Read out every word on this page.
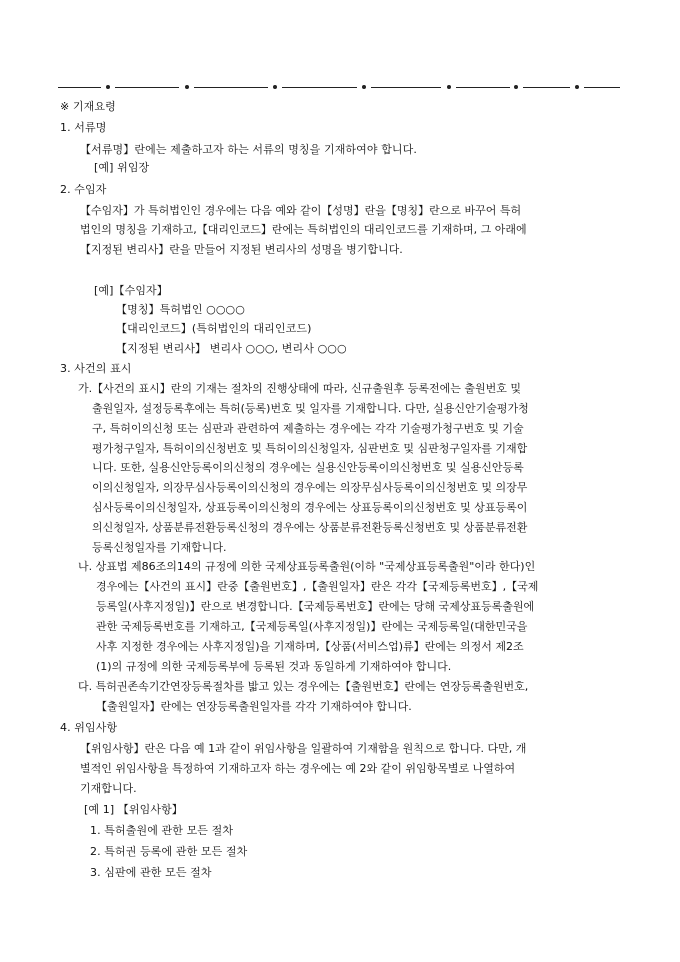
※ 기재요령
1. 서류명
【서류명】란에는 제출하고자 하는 서류의 명칭을 기재하여야 합니다.
[예] 위임장
2. 수임자
【수임자】가 특허법인인 경우에는 다음 예와 같이【성명】란을【명칭】란으로 바꾸어 특허
법인의 명칭을 기재하고,【대리인코드】란에는 특허법인의 대리인코드를 기재하며, 그 아래에
【지정된 변리사】란을 만들어 지정된 변리사의 성명을 병기합니다.
[예]【수임자】
【명칭】특허법인 ○○○○
【대리인코드】(특허법인의 대리인코드)
【지정된 변리사】 변리사 ○○○, 변리사 ○○○
3. 사건의 표시
가.【사건의 표시】란의 기재는 절차의 진행상태에 따라, 신규출원후 등록전에는 출원번호 및
출원일자, 설정등록후에는 특허(등록)번호 및 일자를 기재합니다. 다만, 실용신안기술평가청
구, 특허이의신청 또는 심판과 관련하여 제출하는 경우에는 각각 기술평가청구번호 및 기술
평가청구일자, 특허이의신청번호 및 특허이의신청일자, 심판번호 및 심판청구일자를 기재합
니다. 또한, 실용신안등록이의신청의 경우에는 실용신안등록이의신청번호 및 실용신안등록
이의신청일자, 의장무심사등록이의신청의 경우에는 의장무심사등록이의신청번호 및 의장무
심사등록이의신청일자, 상표등록이의신청의 경우에는 상표등록이의신청번호 및 상표등록이
의신청일자, 상품분류전환등록신청의 경우에는 상품분류전환등록신청번호 및 상품분류전환
등록신청일자를 기재합니다.
나. 상표법 제86조의14의 규정에 의한 국제상표등록출원(이하 "국제상표등록출원"이라 한다)인
경우에는【사건의 표시】란중【출원번호】,【출원일자】란은 각각【국제등록번호】,【국제
등록일(사후지정일)】란으로 변경합니다.【국제등록번호】란에는 당해 국제상표등록출원에
관한 국제등록번호를 기재하고,【국제등록일(사후지정일)】란에는 국제등록일(대한민국을
사후 지정한 경우에는 사후지정일)을 기재하며,【상품(서비스업)류】란에는 의정서 제2조
(1)의 규정에 의한 국제등록부에 등록된 것과 동일하게 기재하여야 합니다.
다. 특허권존속기간연장등록절차를 밟고 있는 경우에는【출원번호】란에는 연장등록출원번호,
【출원일자】란에는 연장등록출원일자를 각각 기재하여야 합니다.
4. 위임사항
【위임사항】란은 다음 예 1과 같이 위임사항을 일괄하여 기재함을 원칙으로 합니다. 다만, 개
별적인 위임사항을 특정하여 기재하고자 하는 경우에는 예 2와 같이 위임항목별로 나열하여
기재합니다.
[예 1] 【위임사항】
1. 특허출원에 관한 모든 절차
2. 특허권 등록에 관한 모든 절차
3. 심판에 관한 모든 절차
